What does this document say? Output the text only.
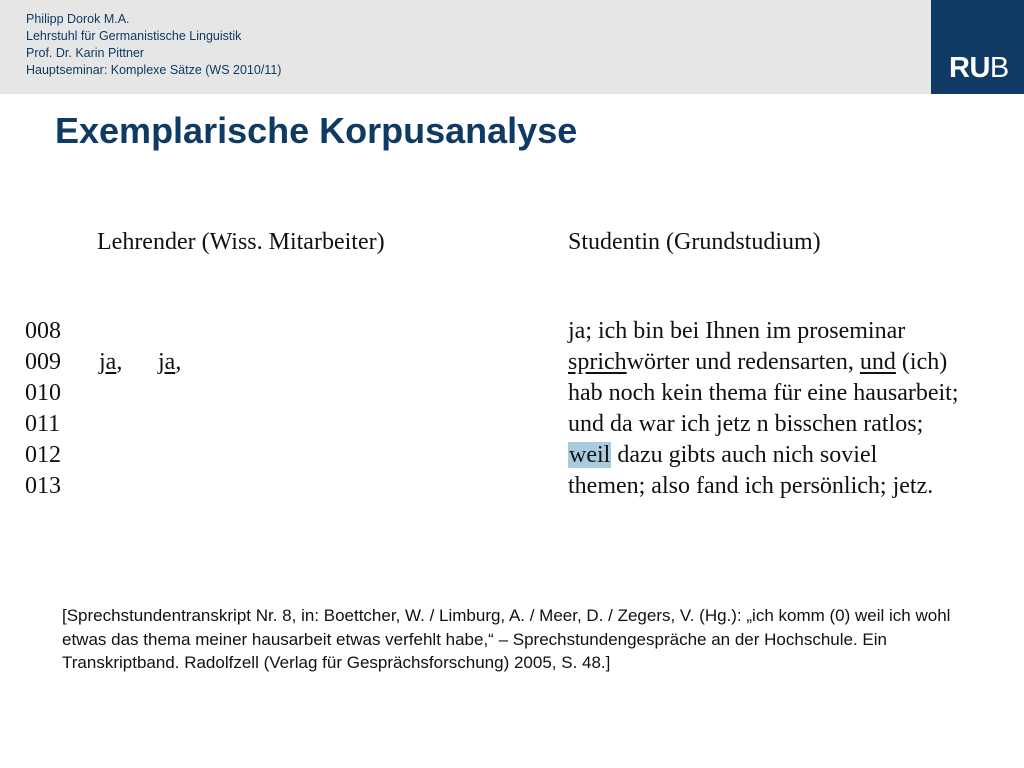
Philipp Dorok M.A.
Lehrstuhl für Germanistische Linguistik
Prof. Dr. Karin Pittner
Hauptseminar: Komplexe Sätze (WS 2010/11)	RUB
Exemplarische Korpusanalyse
Lehrender (Wiss. Mitarbeiter)	Studentin (Grundstudium)
008
009
010
011
012
013
ja, ja,
ja; ich bin bei Ihnen im proseminar
sprichwörter und redensarten, und (ich)
hab noch kein thema für eine hausarbeit;
und da war ich jetz n bisschen ratlos;
weil dazu gibts auch nich soviel
themen; also fand ich persönlich; jetz.
[Sprechstundentranskript Nr. 8, in: Boettcher, W. / Limburg, A. / Meer, D. / Zegers, V. (Hg.): „ich komm (0) weil ich wohl etwas das thema meiner hausarbeit etwas verfehlt habe,“ – Sprechstundengespräche an der Hochschule. Ein Transkriptband. Radolfzell (Verlag für Gesprächsforschung) 2005, S. 48.]
